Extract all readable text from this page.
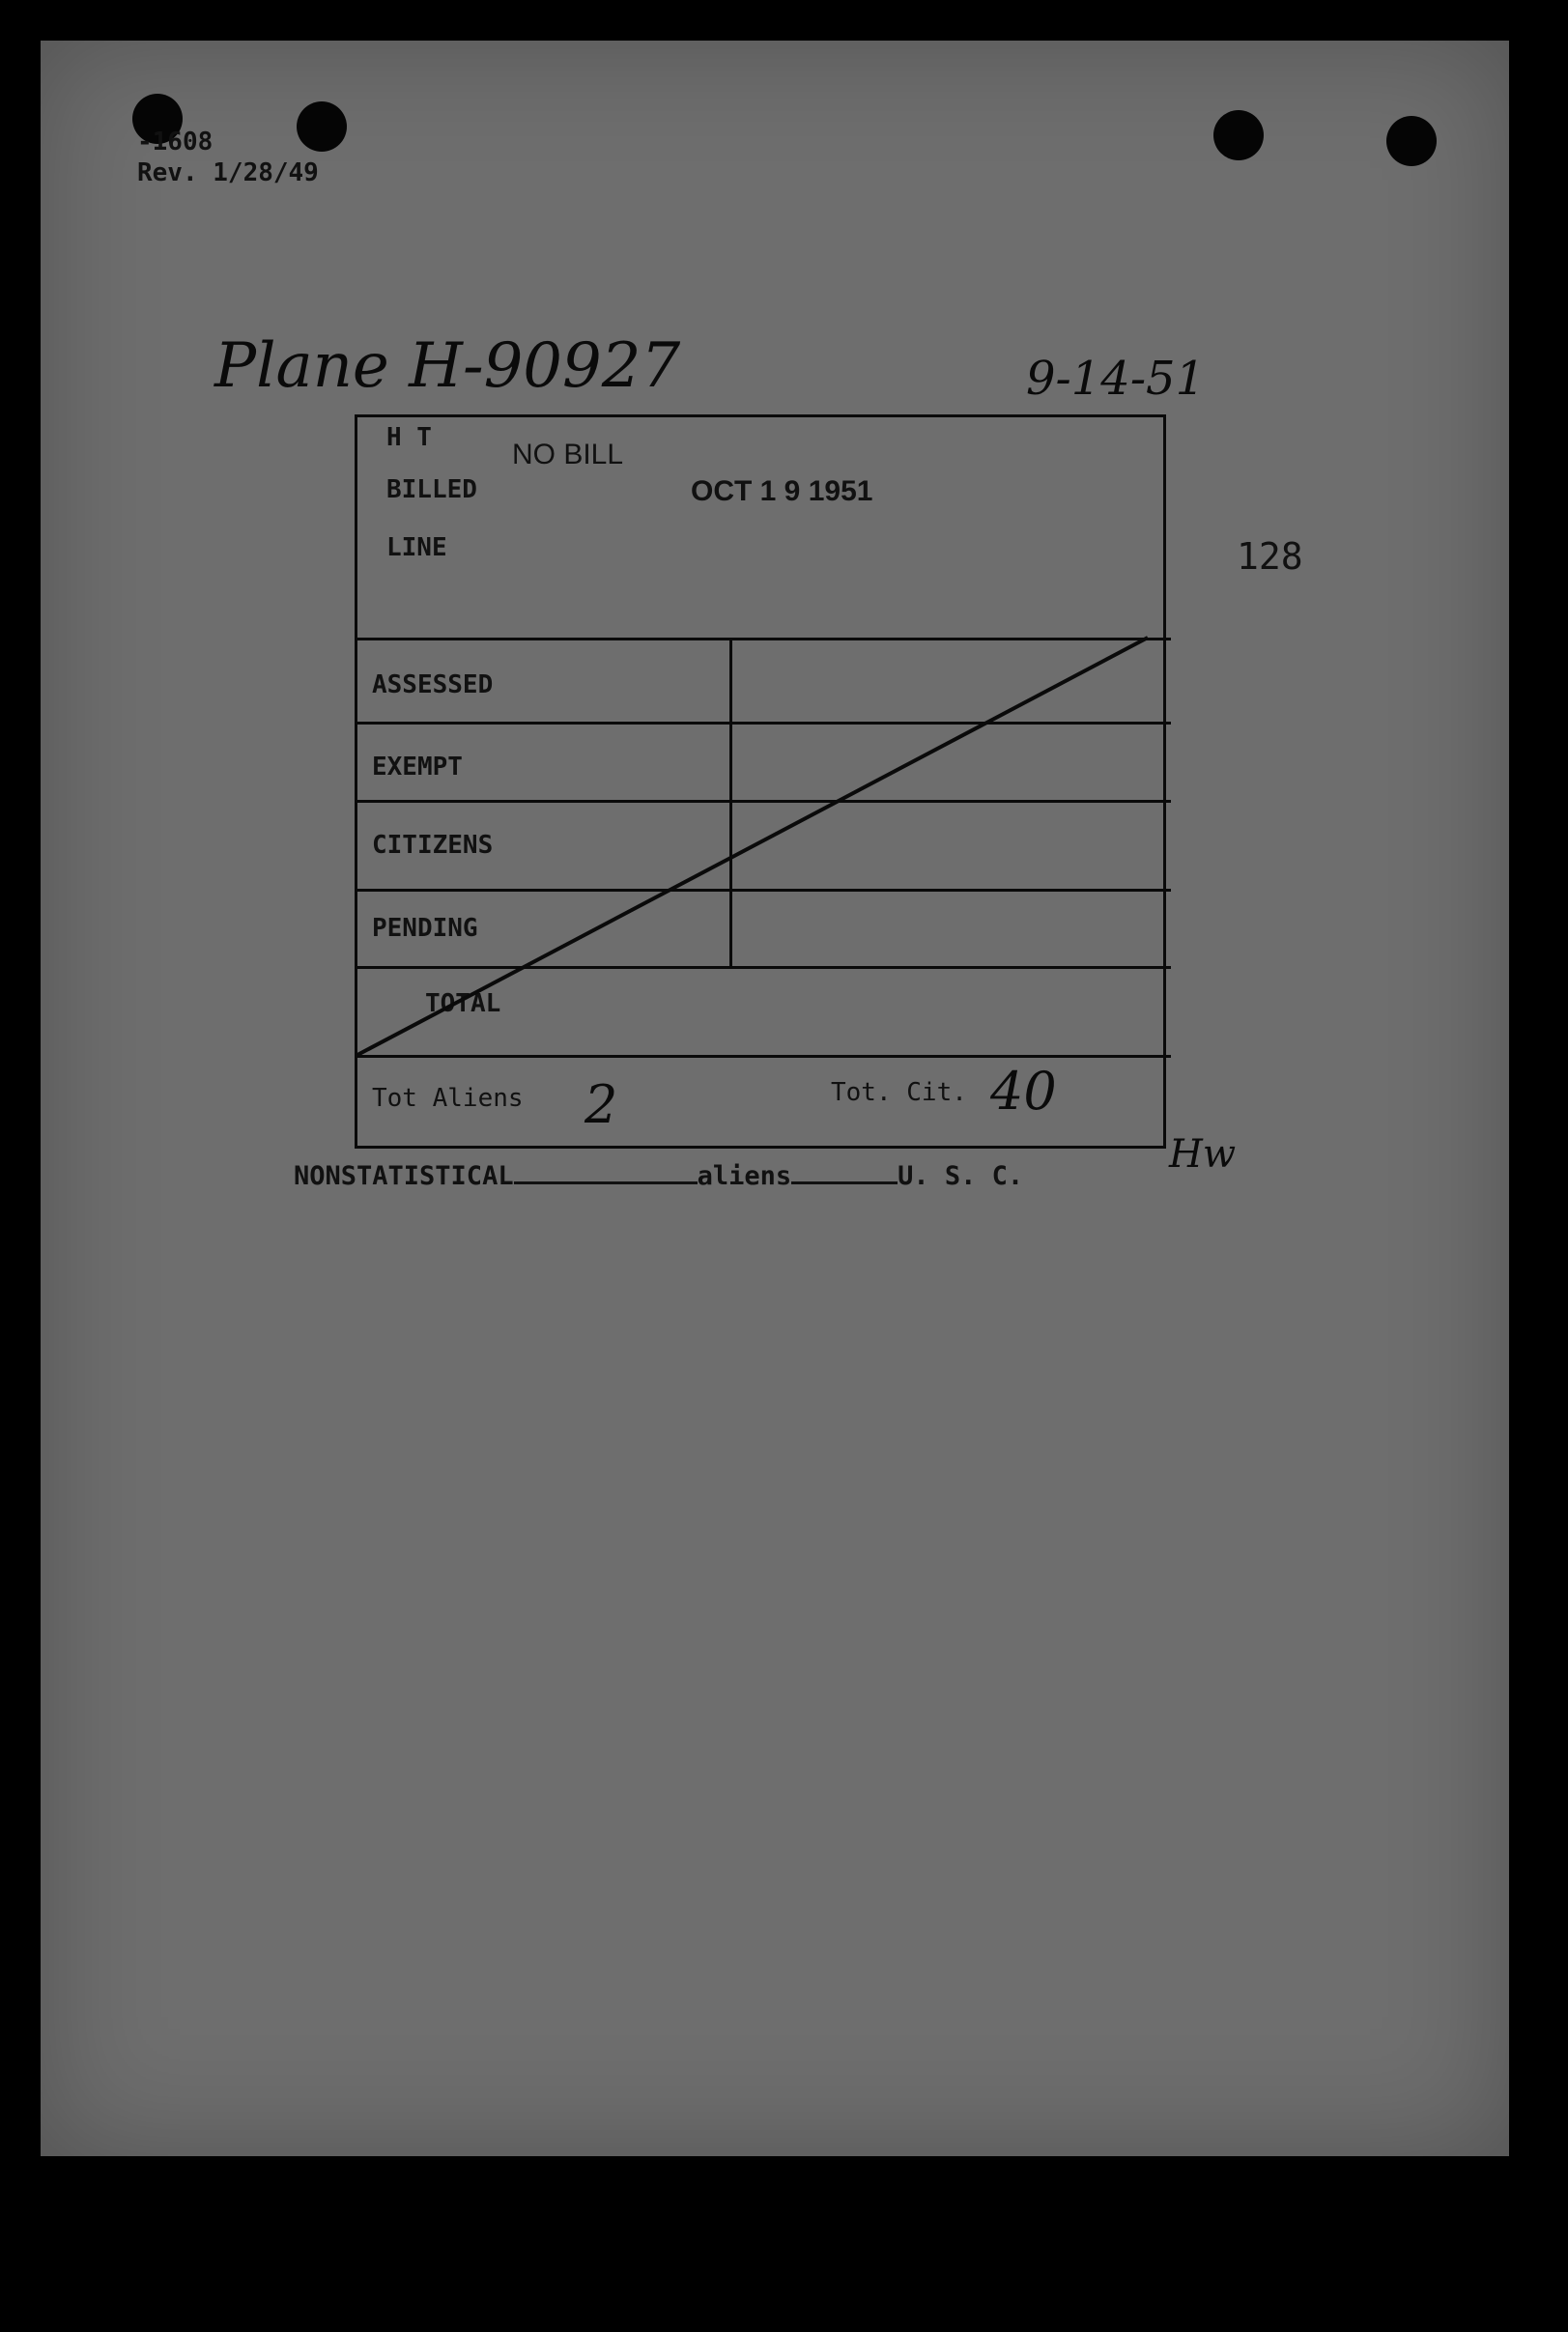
-1608
Rev. 1/28/49
Plane H-90927	9-14-51
128
H T
NO BILL
BILLED	OCT 1 9 1951
LINE
ASSESSED
EXEMPT
CITIZENS
PENDING
TOTAL
Tot Aliens 2	Tot. Cit. 40
Hw
NONSTATISTICAL	aliens	U. S. C.
